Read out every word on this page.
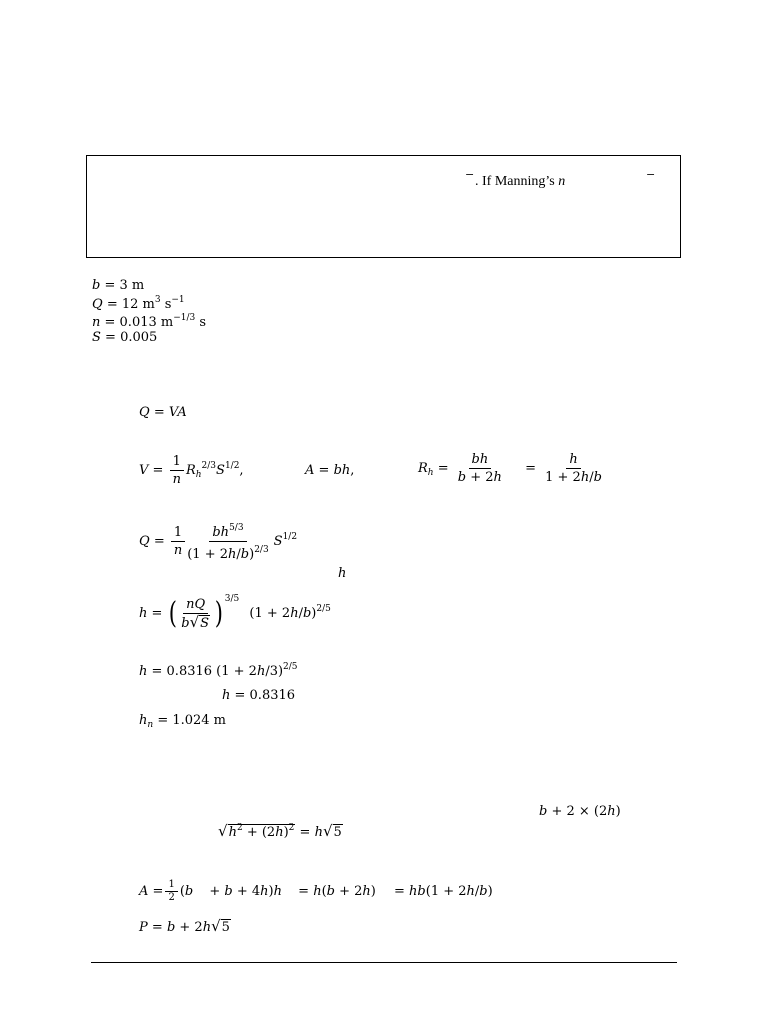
− . If Manning’s n	−
b = 3 m
Q = 12 $m^3$ $s^{-1}$
n = 0.013 $m^{-1/3}$ s
S = 0.005
Q = VA
$V = \frac{1}{n} R_h^{2/3}S^{1/2}$,	A = bh,	$R_h = \frac{bh}{b + 2h} = \frac{h}{1 + 2h/b}$
$Q = \frac{1}{n} \frac{bh^{5/3}}{(1 + 2h/b)^{2/3}} S^{1/2}$
h
h = ( $\frac{nQ}{b√S}$ ) $^{3/5}$ $(1 + 2h/b)^{2/5}$
h = 0.8316 $(1 + 2h/3)^{2/5}$
h = 0.8316
$h_n = 1.024$ m
b + 2 × (2h)
$√h^2 + (2h)^2 = h√5$
$A = \frac{1}{2} (b + b + 4h)h = h(b + 2h) = hb(1 + 2h/b)$
P = b + 2h√5
